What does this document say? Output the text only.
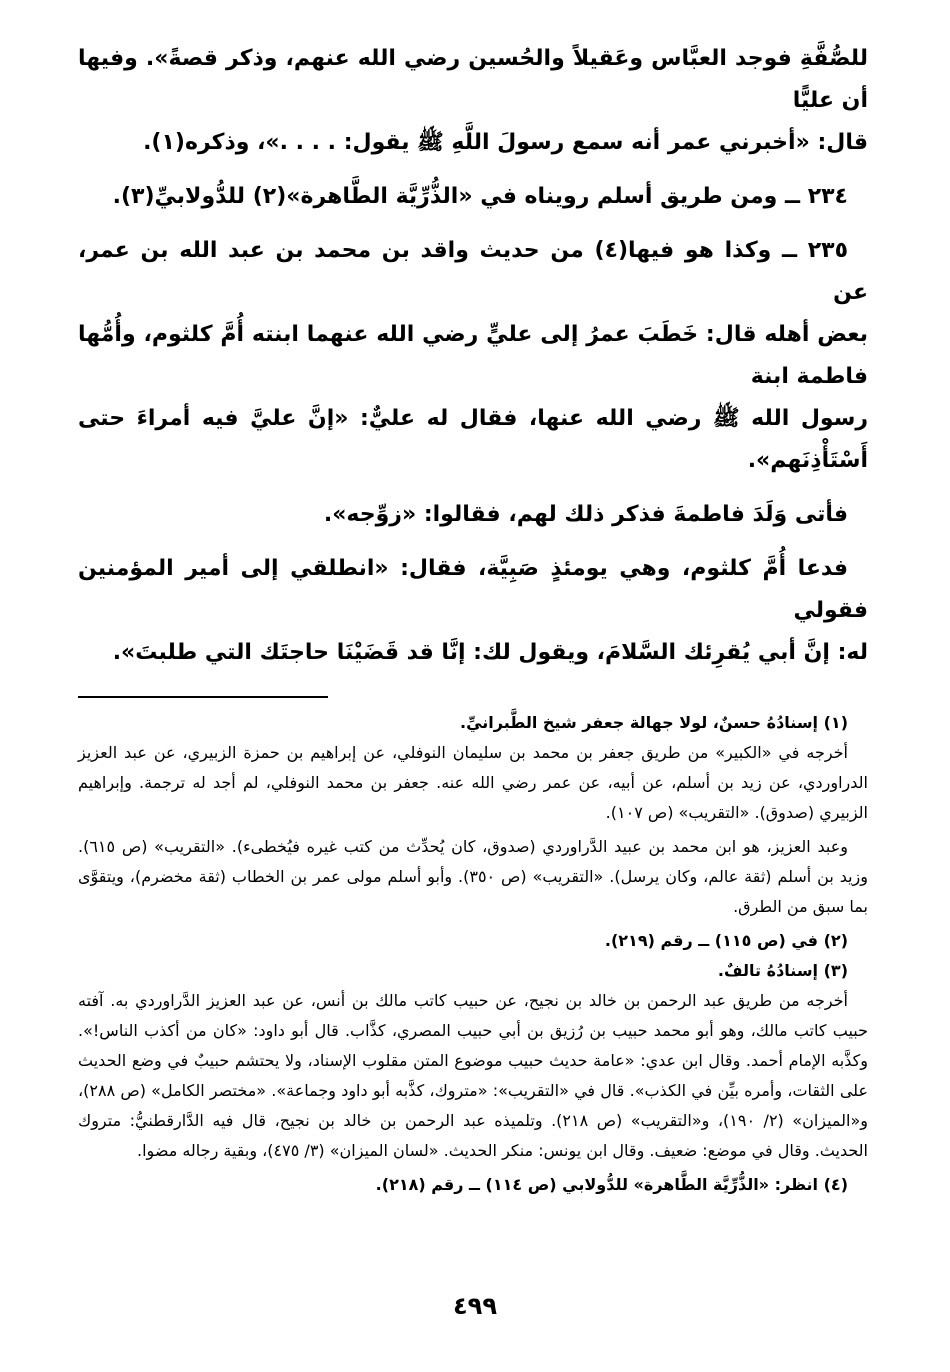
للصُّفَّةِ فوجد العبَّاس وعَقيلاً والحُسين رضي الله عنهم، وذكر قصةً». وفيها أن عليًّا

قال: «أخبرني عمر أنه سمع رسولَ اللَّهِ ﷺ يقول: . . . .»، وذكره(١).

٢٣٤ ــ ومن طريق أسلم رويناه في «الذُّرِّيَّة الطَّاهرة»(٢) للدُّولابيِّ(٣).

٢٣٥ ــ وكذا هو فيها(٤) من حديث واقد بن محمد بن عبد الله بن عمر، عن

بعض أهله قال: خَطَبَ عمرُ إلى عليٍّ رضي الله عنهما ابنته أُمَّ كلثوم، وأُمُّها فاطمة ابنة

رسول الله ﷺ رضي الله عنها، فقال له عليٌّ: «إنَّ عليَّ فيه أمراءَ حتى أَسْتَأْذِنَهم».

فأتى وَلَدَ فاطمةَ فذكر ذلك لهم، فقالوا: «زوِّجه».

فدعا أُمَّ كلثوم، وهي يومئذٍ صَبِيَّة، فقال: «انطلقي إلى أمير المؤمنين فقولي

له: إنَّ أبي يُقرِئك السَّلامَ، ويقول لك: إنَّا قد قَضَيْنَا حاجتَك التي طلبتَ».

(١) إسنادُهُ حسنٌ، لولا جهالة جعفر شيخ الطَّبرانيِّ.

أخرجه في «الكبير» من طريق جعفر بن محمد بن سليمان النوفلي، عن إبراهيم بن حمزة الزبيري، عن عبد العزيز الدراوردي، عن زيد بن أسلم، عن أبيه، عن عمر رضي الله عنه. جعفر بن محمد النوفلي، لم أجد له ترجمة. وإبراهيم الزبيري (صدوق). «التقريب» (ص ١٠٧).

وعبد العزيز، هو ابن محمد بن عبيد الدَّراوردي (صدوق، كان يُحدِّث من كتب غيره فيُخطىء). «التقريب» (ص ٦١٥). وزيد بن أسلم (ثقة عالم، وكان يرسل). «التقريب» (ص ٣٥٠). وأبو أسلم مولى عمر بن الخطاب (ثقة مخضرم)، ويتقوَّى بما سبق من الطرق.

(٢) في (ص ١١٥) ــ رقم (٢١٩).

(٣) إسنادُهُ تالفٌ.

أخرجه من طريق عبد الرحمن بن خالد بن نجيح، عن حبيب كاتب مالك بن أنس، عن عبد العزيز الدَّراوردي به. آفته حبيب كاتب مالك، وهو أبو محمد حبيب بن رُزيق بن أبي حبيب المصري، كذَّاب. قال أبو داود: «كان من أكذب الناس!». وكذَّبه الإمام أحمد. وقال ابن عدي: «عامة حديث حبيب موضوع المتن مقلوب الإسناد، ولا يحتشم حبيبٌ في وضع الحديث على الثقات، وأمره بيِّن في الكذب». قال في «التقريب»: «متروك، كذَّبه أبو داود وجماعة». «مختصر الكامل» (ص ٢٨٨)، و«الميزان» (٢/ ١٩٠)، و«التقريب» (ص ٢١٨). وتلميذه عبد الرحمن بن خالد بن نجيح، قال فيه الدَّارقطنيُّ: متروك الحديث. وقال في موضع: ضعيف. وقال ابن يونس: منكر الحديث. «لسان الميزان» (٣/ ٤٧٥)، وبقية رجاله مضوا.

(٤) انظر: «الذُّرِّيَّة الطَّاهرة» للدُّولابي (ص ١١٤) ــ رقم (٢١٨).

٤٩٩
